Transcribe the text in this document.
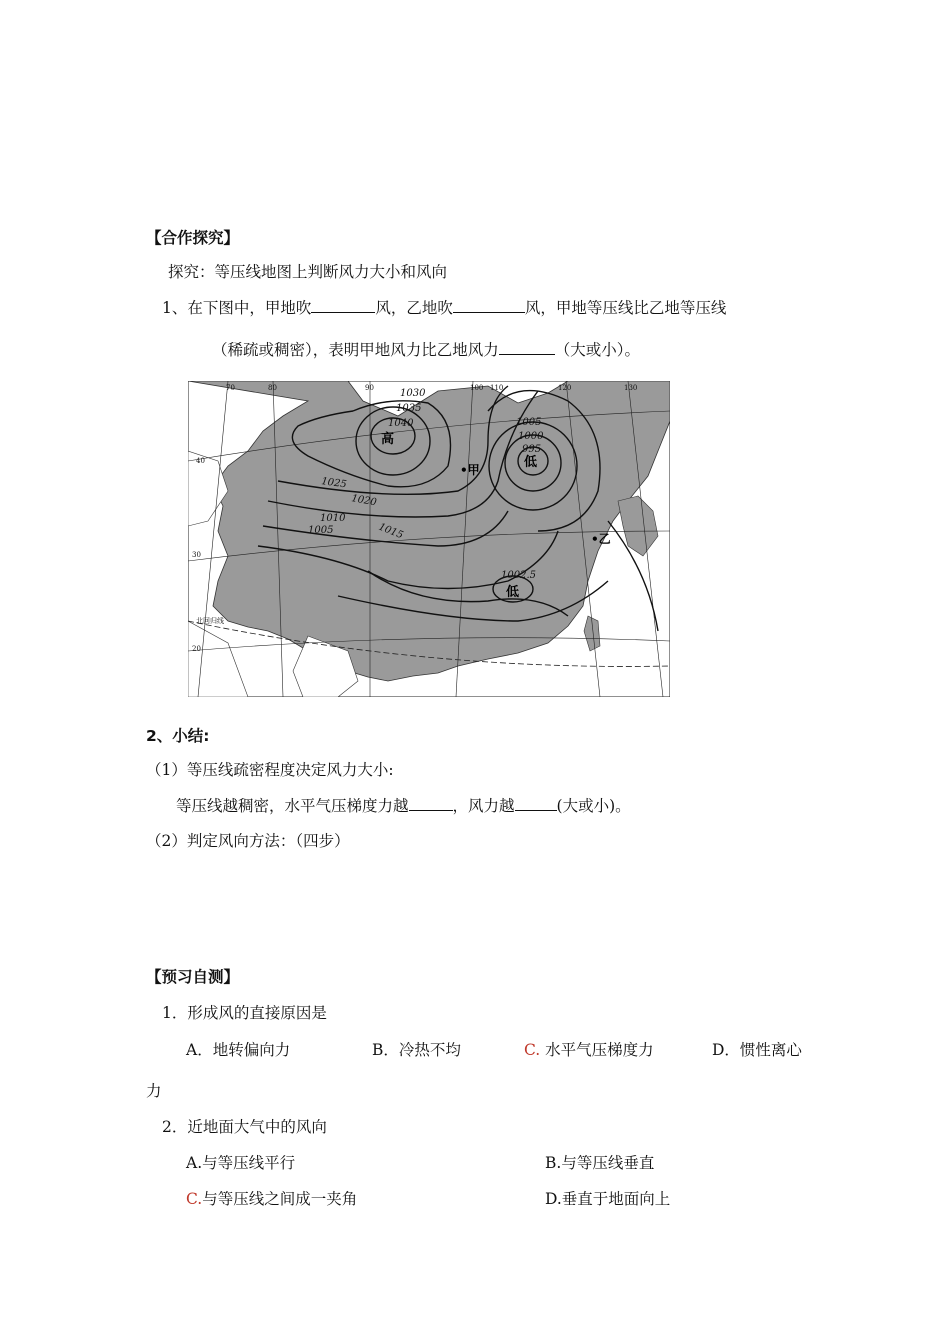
【合作探究】
探究：等压线地图上判断风力大小和风向
1、在下图中，甲地吹	风，乙地吹	风，甲地等压线比乙地等压线
（稀疏或稠密），表明甲地风力比乙地风力	（大或小）。
1030
1035
1040
1025
1020
1015
1010
1005
1005
1000
995
1002.5
高
低
低
•甲
•乙
40
30
20
70	80	90	100 110	120	130
北回归线
2、小结:
（1）等压线疏密程度决定风力大小:
等压线越稠密，水平气压梯度力越	，风力越	(大或小)。
（2）判定风向方法：（四步）
【预习自测】
1．形成风的直接原因是
A．地转偏向力	B．冷热不均	C. 水平气压梯度力	D．惯性离心
力
2．近地面大气中的风向
A.与等压线平行	B.与等压线垂直
C.与等压线之间成一夹角	D.垂直于地面向上
